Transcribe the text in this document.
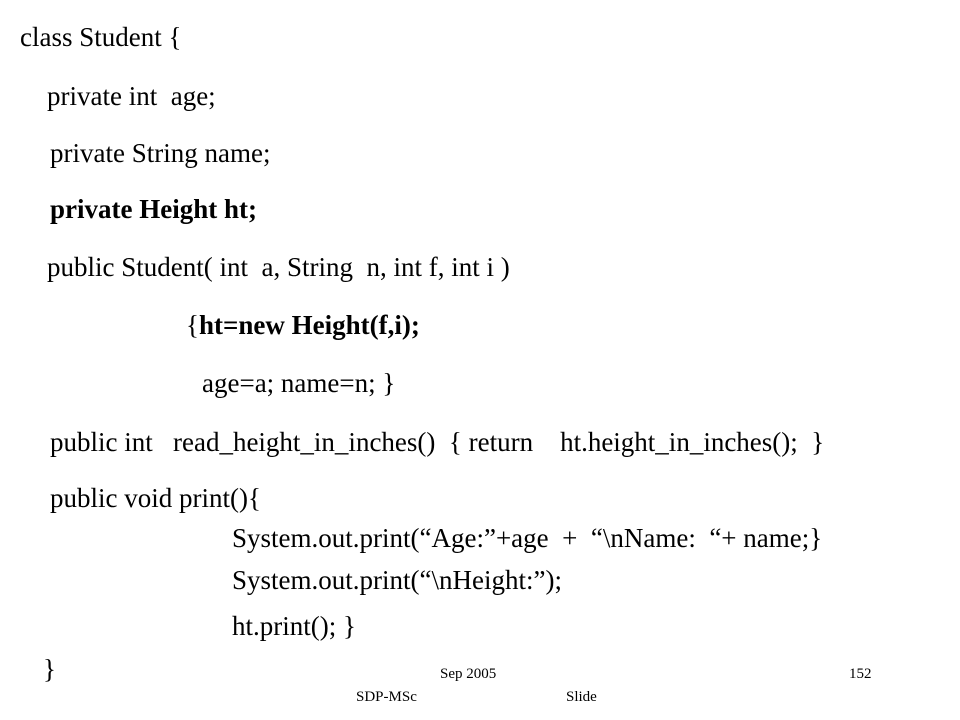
class Student {
private int  age;
private String name;
private Height ht;
public Student( int  a, String  n, int f, int i )
{ht=new Height(f,i);
age=a; name=n; }
public int   read_height_in_inches()  { return    ht.height_in_inches();  }
public void print(){
System.out.print(“Age:”+age  +  “\nName:  “+ name;}
System.out.print(“\nHeight:”);
ht.print(); }
}	Sep 2005
SDP-MSc	Slide
152
